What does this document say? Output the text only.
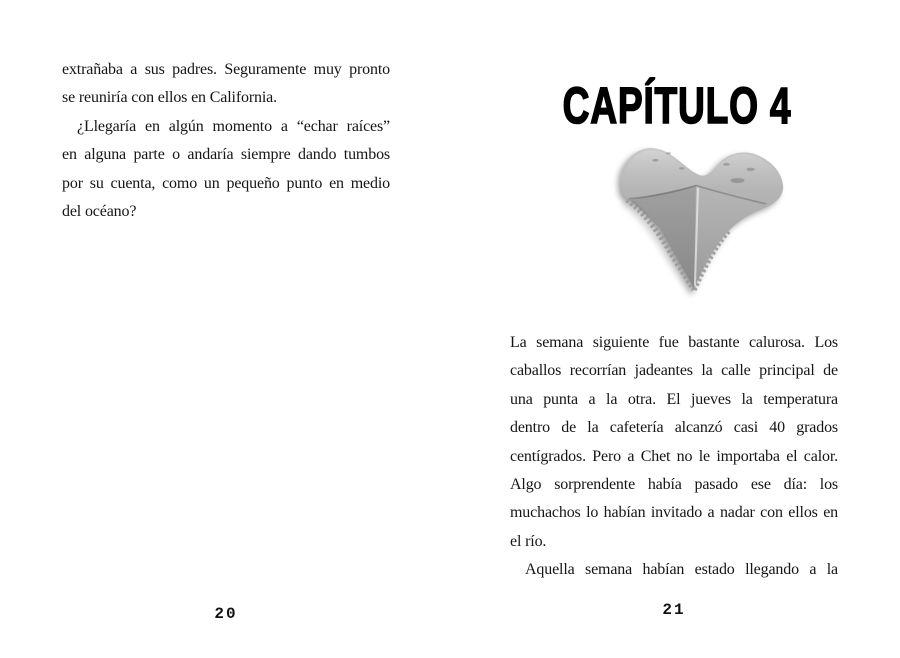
extrañaba a sus padres. Seguramente muy pronto
se reuniría con ellos en California.
¿Llegaría en algún momento a “echar raíces”
en alguna parte o andaría siempre dando tumbos
por su cuenta, como un pequeño punto en medio
del océano?
20
CAPÍTULO 4
La semana siguiente fue bastante calurosa. Los
caballos recorrían jadeantes la calle principal de
una punta a la otra. El jueves la temperatura
dentro de la cafetería alcanzó casi 40 grados
centígrados. Pero a Chet no le importaba el calor.
Algo sorprendente había pasado ese día: los
muchachos lo habían invitado a nadar con ellos en
el río.
Aquella semana habían estado llegando a la
21
